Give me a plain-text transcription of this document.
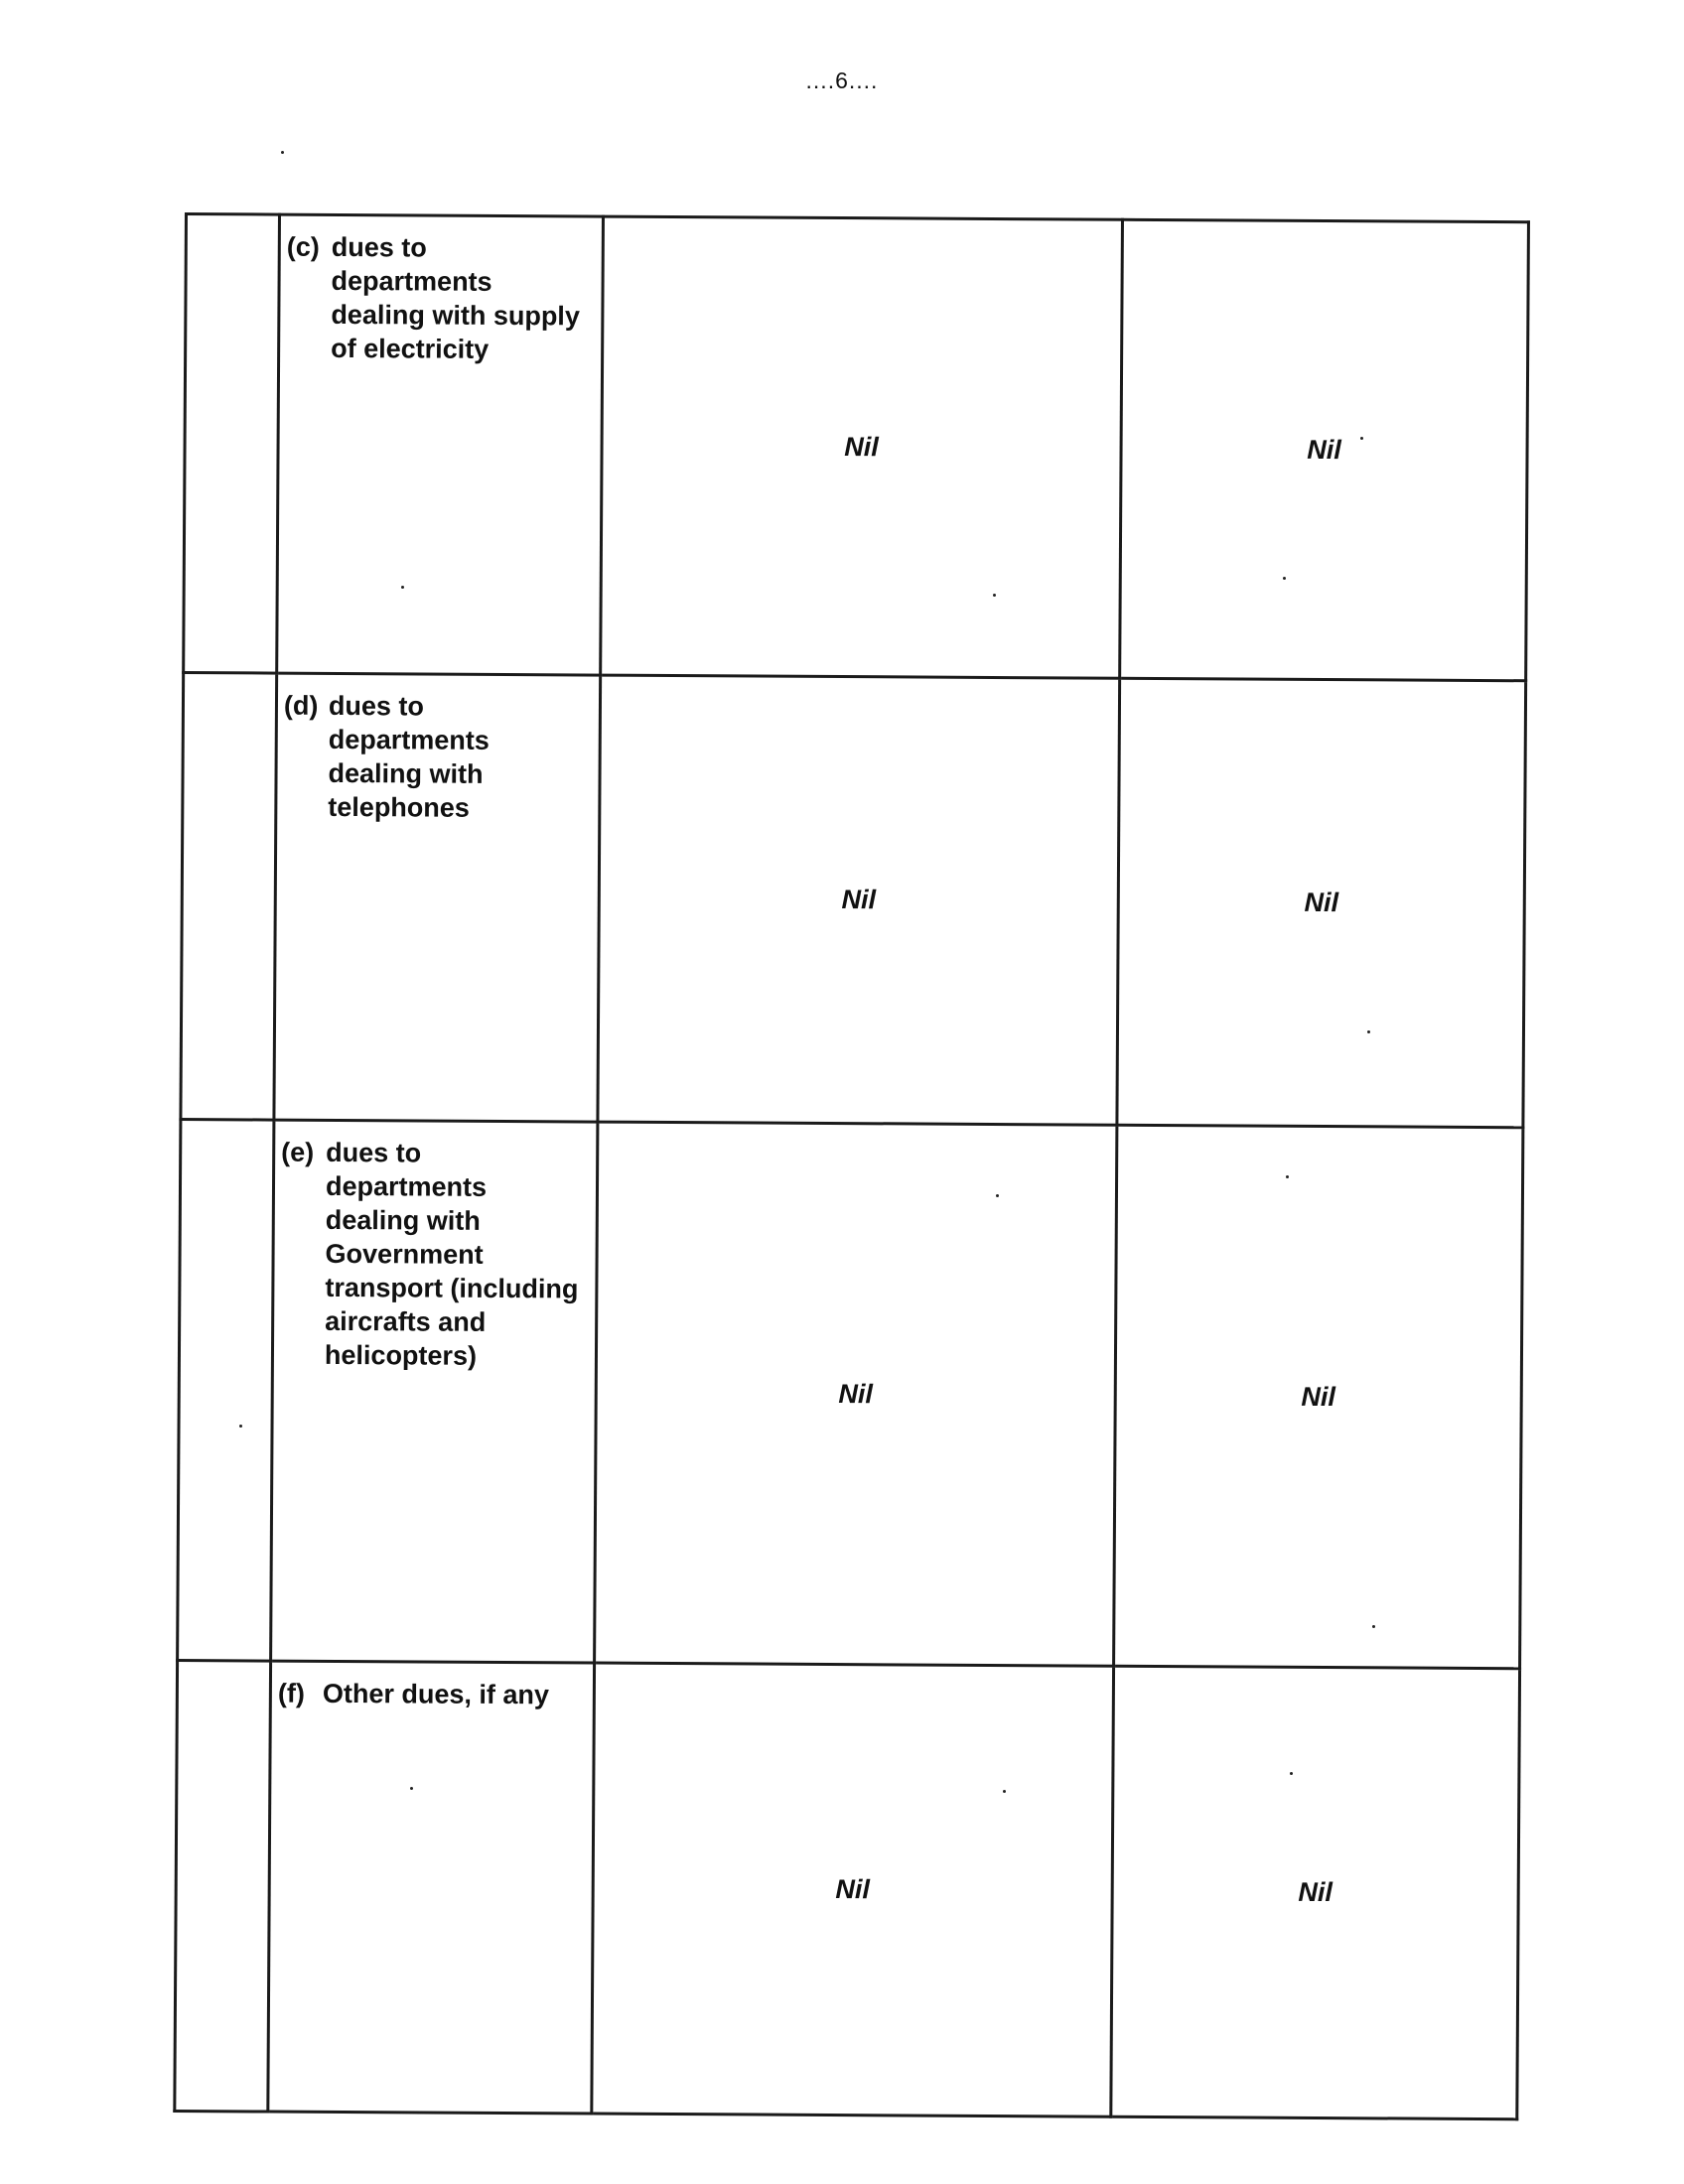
....6....

	(c) dues to departments dealing with supply of electricity	Nil	Nil

	(d) dues to departments dealing with telephones	Nil	Nil

	(e) dues to departments dealing with Government transport (including aircrafts and helicopters)	Nil	Nil

	(f) Other dues, if any	Nil	Nil
